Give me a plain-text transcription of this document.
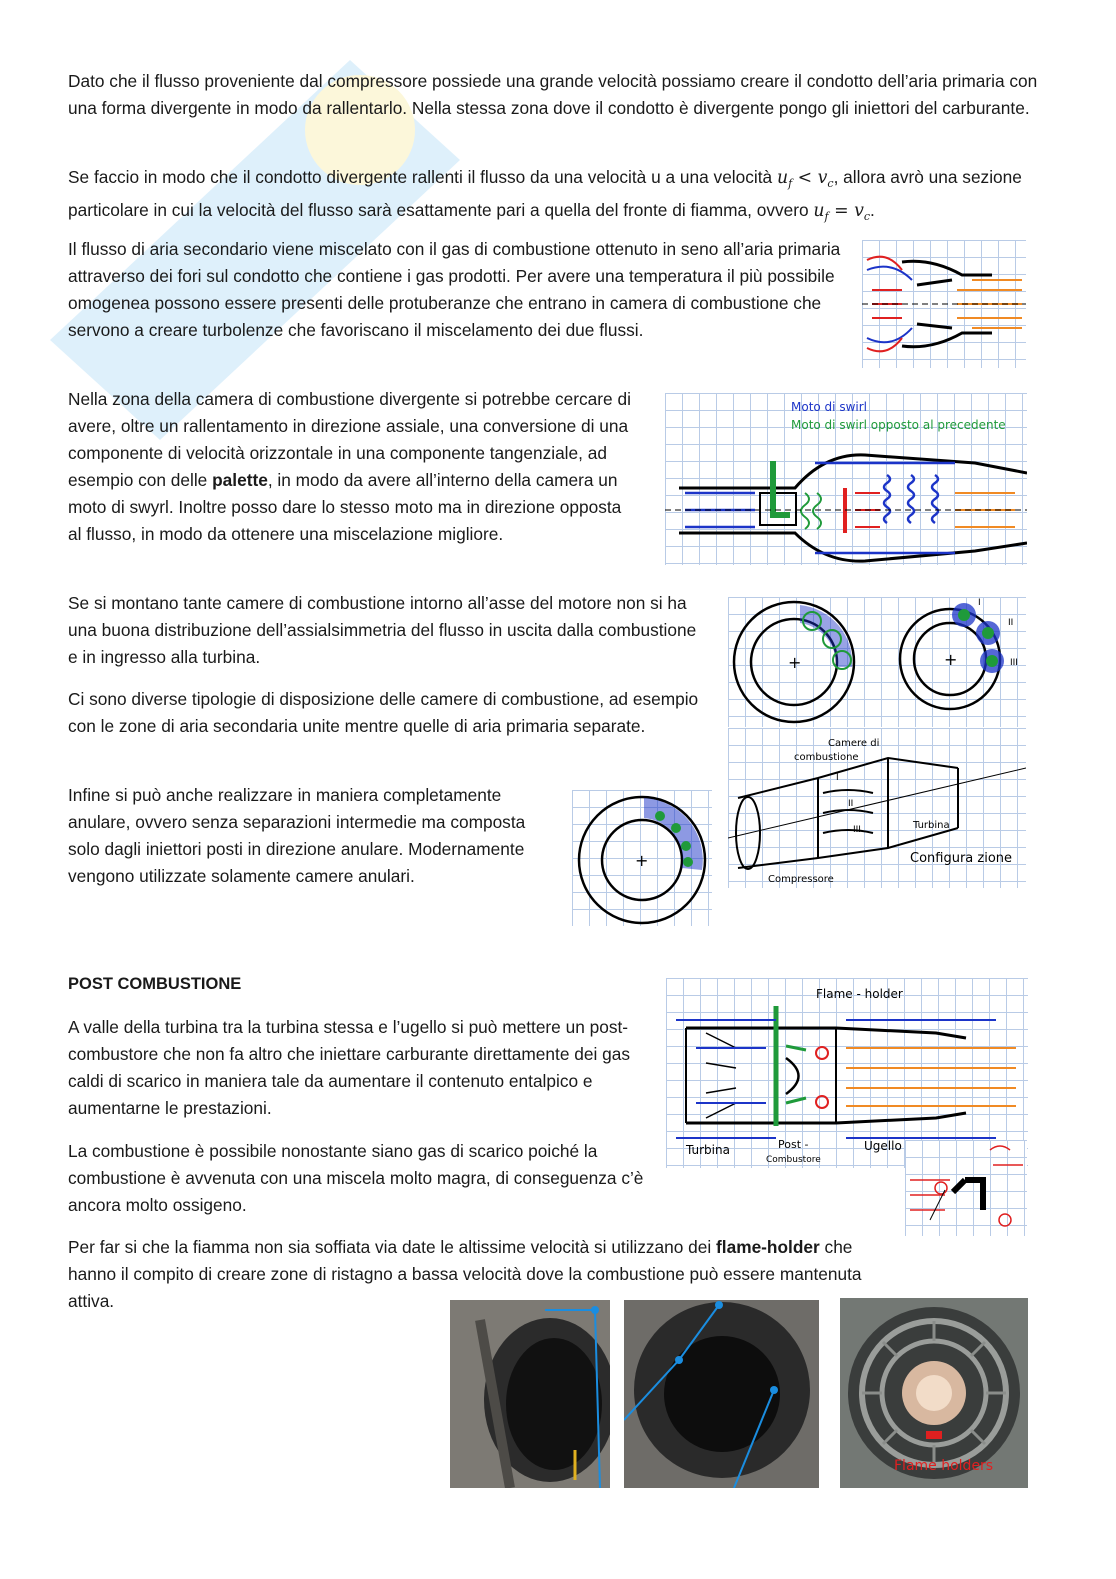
Dato che il flusso proveniente dal compressore possiede una grande velocità possiamo creare il condotto dell’aria primaria con una forma divergente in modo da rallentarlo. Nella stessa zona dove il condotto è divergente pongo gli iniettori del carburante.

Se faccio in modo che il condotto divergente rallenti il flusso da una velocità u a una velocità $u_f < v_c$, allora avrò una sezione particolare in cui la velocità del flusso sarà esattamente pari a quella del fronte di fiamma, ovvero $u_f = v_c$.

Il flusso di aria secondario viene miscelato con il gas di combustione ottenuto in seno all’aria primaria attraverso dei fori sul condotto che contiene i gas prodotti. Per avere una temperatura il più possibile omogenea possono essere presenti delle protuberanze che entrano in camera di combustione che servono a creare turbolenze che favoriscano il miscelamento dei due flussi.

Nella zona della camera di combustione divergente si potrebbe cercare di avere, oltre un rallentamento in direzione assiale, una conversione di una componente di velocità orizzontale in una componente tangenziale, ad esempio con delle palette, in modo da avere all’interno della camera un moto di swyrl. Inoltre posso dare lo stesso moto ma in direzione opposta al flusso, in modo da ottenere una miscelazione migliore.

Moto di swirl
Moto di swirl opposto al precedente

Se si montano tante camere di combustione intorno all’asse del motore non si ha una buona distribuzione dell’assialsimmetria del flusso in uscita dalla combustione e in ingresso alla turbina.

Ci sono diverse tipologie di disposizione delle camere di combustione, ad esempio con le zone di aria secondaria unite mentre quelle di aria primaria separate.

+	+
I
II
III
Camere di
combustione
I
II
III	Turbina
Compressore
Configura zione

Infine si può anche realizzare in maniera completamente anulare, ovvero senza separazioni intermedie ma composta solo dagli iniettori posti in direzione anulare. Modernamente vengono utilizzate solamente camere anulari.

+
POST COMBUSTIONE

A valle della turbina tra la turbina stessa e l’ugello si può mettere un post-combustore che non fa altro che iniettare carburante direttamente dei gas caldi di scarico in maniera tale da aumentare il contenuto entalpico e aumentarne le prestazioni.

Flame - holder
Turbina	Post -
Combustore
Ugello

La combustione è possibile nonostante siano gas di scarico poiché la combustione è avvenuta con una miscela molto magra, di conseguenza c’è ancora molto ossigeno.

Per far si che la fiamma non sia soffiata via date le altissime velocità si utilizzano dei flame-holder che hanno il compito di creare zone di ristagno a bassa velocità dove la combustione può essere mantenuta attiva.

Flame holders
